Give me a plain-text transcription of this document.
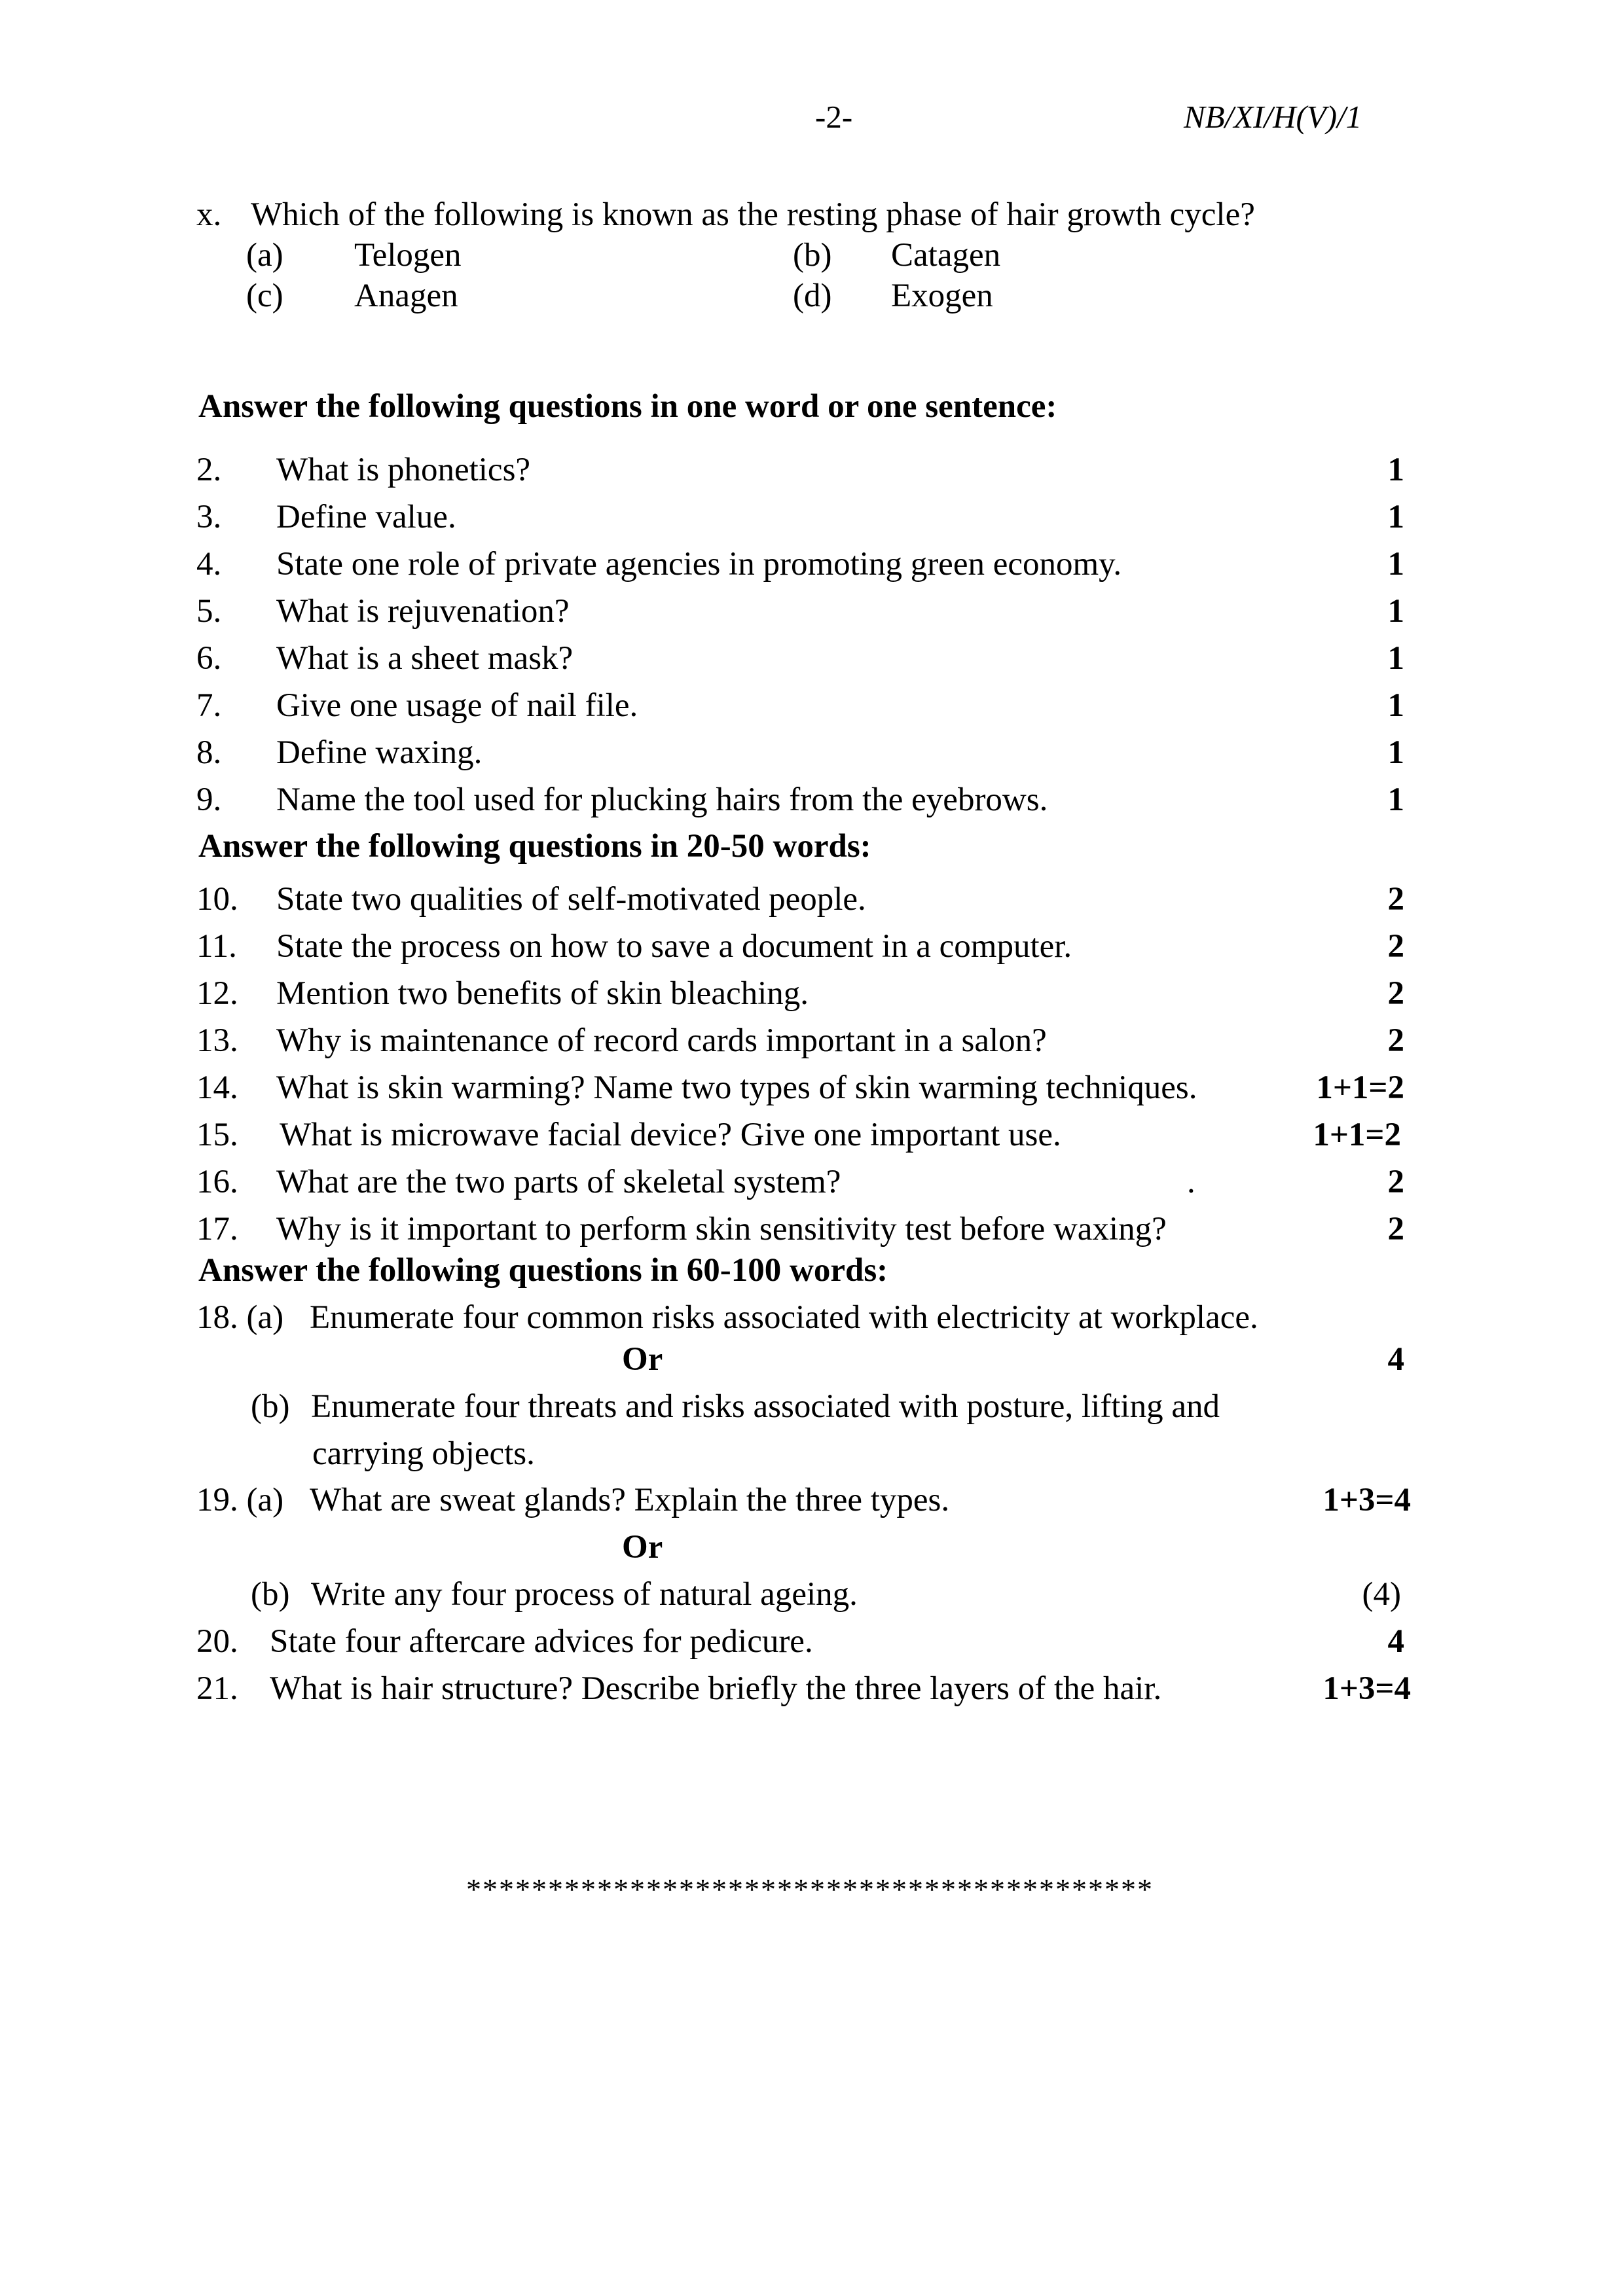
-2-	NB/XI/H(V)/1
x. Which of the following is known as the resting phase of hair growth cycle?
(a) Telogen	(b) Catagen
(c) Anagen	(d) Exogen
Answer the following questions in one word or one sentence:
2. What is phonetics?	1
3. Define value.	1
4. State one role of private agencies in promoting green economy.	1
5. What is rejuvenation?	1
6. What is a sheet mask?	1
7. Give one usage of nail file.	1
8. Define waxing.	1
9. Name the tool used for plucking hairs from the eyebrows.	1
Answer the following questions in 20-50 words:
10. State two qualities of self-motivated people.	2
11. State the process on how to save a document in a computer.	2
12. Mention two benefits of skin bleaching.	2
13. Why is maintenance of record cards important in a salon?	2
14. What is skin warming? Name two types of skin warming techniques.	1+1=2
15. What is microwave facial device? Give one important use.	1+1=2
16. What are the two parts of skeletal system?	.	2
17. Why is it important to perform skin sensitivity test before waxing?	2
Answer the following questions in 60-100 words:
18. (a) Enumerate four common risks associated with electricity at workplace.
Or	4
(b) Enumerate four threats and risks associated with posture, lifting and
carrying objects.
19. (a) What are sweat glands? Explain the three types.	1+3=4
Or
(b) Write any four process of natural ageing.	(4)
20. State four aftercare advices for pedicure.	4
21. What is hair structure? Describe briefly the three layers of the hair.	1+3=4
******************************************
